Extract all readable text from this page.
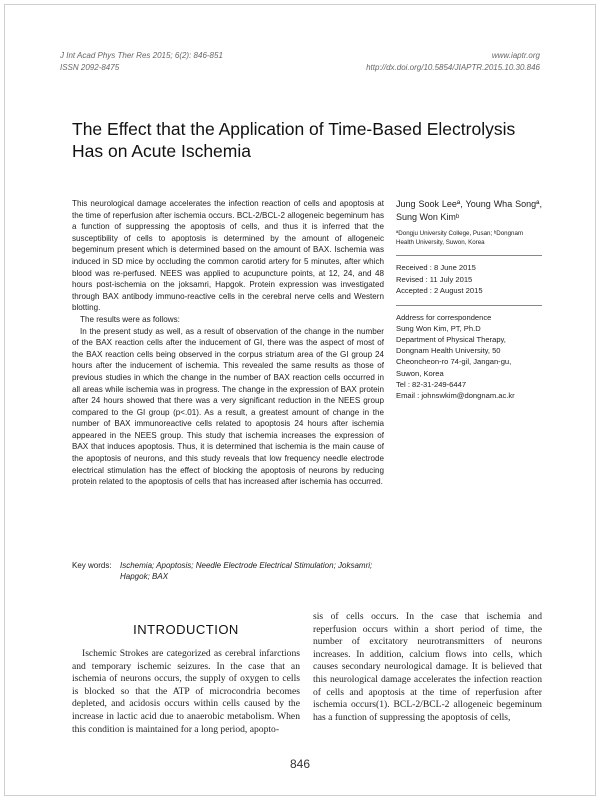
J Int Acad Phys Ther Res 2015; 6(2): 846-851
ISSN 2092-8475
www.iaptr.org
http://dx.doi.org/10.5854/JIAPTR.2015.10.30.846
The Effect that the Application of Time-Based Electrolysis Has on Acute Ischemia

This neurological damage accelerates the infection reaction of cells and apoptosis at the time of reperfusion after ischemia occurs. BCL-2/BCL-2 allogeneic begeminum has a function of suppressing the apoptosis of cells, and thus it is inferred that the susceptibility of cells to apoptosis is determined by the amount of allogeneic begeminum present which is determined based on the amount of BAX. Ischemia was induced in SD mice by occluding the common carotid artery for 5 minutes, after which blood was re-perfused. NEES was applied to acupuncture points, at 12, 24, and 48 hours post-ischemia on the joksamri, Hapgok. Protein expression was investigated through BAX antibody immuno-reactive cells in the cerebral nerve cells and Western blotting.

The results were as follows:

In the present study as well, as a result of observation of the change in the number of the BAX reaction cells after the inducement of GI, there was the aspect of most of the BAX reaction cells being observed in the corpus striatum area of the GI group 24 hours after the inducement of ischemia. This revealed the same results as those of previous studies in which the change in the number of BAX reaction cells occurred in all areas while ischemia was in progress. The change in the expression of BAX protein after 24 hours showed that there was a very significant reduction in the NEES group compared to the GI group (p<.01). As a result, a greatest amount of change in the number of BAX immunoreactive cells related to apoptosis 24 hours after ischemia appeared in the NEES group. This study that ischemia increases the expression of BAX that induces apoptosis. Thus, it is determined that ischemia is the main cause of the apoptosis of neurons, and this study reveals that low frequency needle electrode electrical stimulation has the effect of blocking the apoptosis of neurons by reducing protein related to the apoptosis of cells that has increased after ischemia has occurred.

Key words: Ischemia; Apoptosis; Needle Electrode Electrical Stimulation; Joksamri; Hapgok; BAX
Jung Sook Leeª, Young Wha Songª, Sung Won Kimᵇ
ªDongju University College, Pusan; ᵇDongnam Health University, Suwon, Korea
Received : 8 June 2015
Revised : 11 July 2015
Accepted : 2 August 2015
Address for correspondence
Sung Won Kim, PT, Ph.D
Department of Physical Therapy,
Dongnam Health University, 50
Cheoncheon-ro 74-gil, Jangan-gu,
Suwon, Korea
Tel : 82-31-249-6447
Email : johnswkim@dongnam.ac.kr
INTRODUCTION
Ischemic Strokes are categorized as cerebral infarctions and temporary ischemic seizures. In the case that an ischemia of neurons occurs, the supply of oxygen to cells is blocked so that the ATP of microcondria becomes depleted, and acidosis occurs within cells caused by the increase in lactic acid due to anaerobic metabolism. When this condition is maintained for a long period, apopto-
sis of cells occurs. In the case that ischemia and reperfusion occurs within a short period of time, the number of excitatory neurotransmitters of neurons increases. In addition, calcium flows into cells, which causes secondary neurological damage. It is believed that this neurological damage accelerates the infection reaction of cells and apoptosis at the time of reperfusion after ischemia occurs(1). BCL-2/BCL-2 allogeneic begeminum has a function of suppressing the apoptosis of cells,
846
